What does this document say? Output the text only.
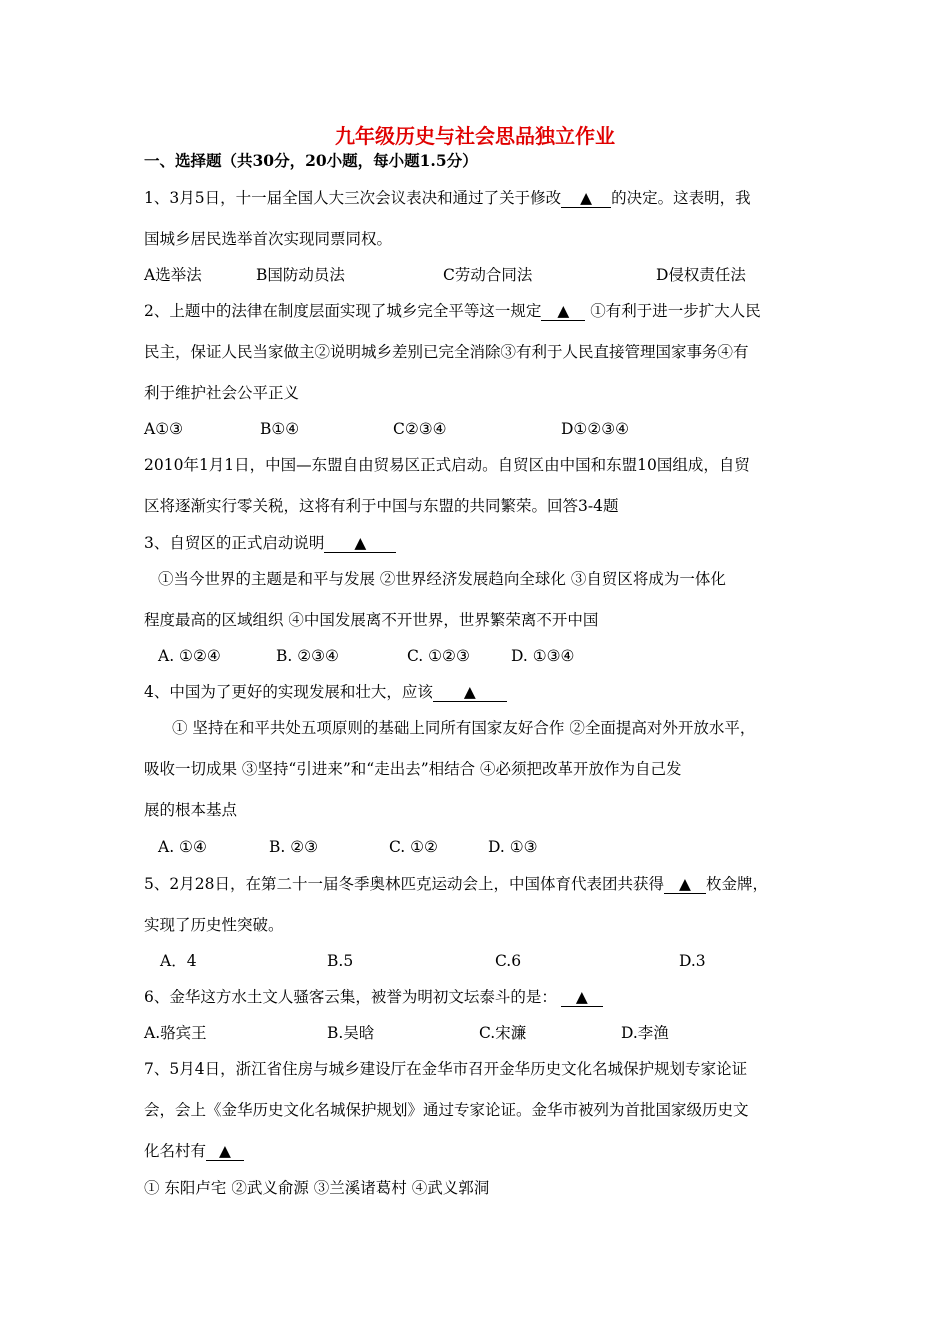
九年级历史与社会思品独立作业
一、选择题（共30分，20小题，每小题1.5分）
1、3月5日，十一届全国人大三次会议表决和通过了关于修改 ▲ 的决定。这表明，我
国城乡居民选举首次实现同票同权。
A选举法	B国防动员法	C劳动合同法	D侵权责任法
2、上题中的法律在制度层面实现了城乡完全平等这一规定 ▲ ①有利于进一步扩大人民
民主，保证人民当家做主②说明城乡差别已完全消除③有利于人民直接管理国家事务④有
利于维护社会公平正义
A①③	B①④	C②③④	D①②③④
2010年1月1日，中国—东盟自由贸易区正式启动。自贸区由中国和东盟10国组成，自贸
区将逐渐实行零关税，这将有利于中国与东盟的共同繁荣。回答3-4题
3、自贸区的正式启动说明 ▲
①当今世界的主题是和平与发展 ②世界经济发展趋向全球化 ③自贸区将成为一体化
程度最高的区域组织 ④中国发展离不开世界，世界繁荣离不开中国
A. ①②④	B. ②③④	C. ①②③	D. ①③④
4、中国为了更好的实现发展和壮大，应该 ▲
① 坚持在和平共处五项原则的基础上同所有国家友好合作 ②全面提高对外开放水平，
吸收一切成果 ③坚持“引进来”和“走出去”相结合 ④必须把改革开放作为自己发
展的根本基点
A. ①④	B. ②③	C. ①②	D. ①③
5、2月28日，在第二十一届冬季奥林匹克运动会上，中国体育代表团共获得 ▲ 枚金牌，
实现了历史性突破。
A．4	B.5	C.6	D.3
6、金华这方水土文人骚客云集，被誉为明初文坛泰斗的是： ▲
A.骆宾王	B.吴晗	C.宋濂	D.李渔
7、5月4日，浙江省住房与城乡建设厅在金华市召开金华历史文化名城保护规划专家论证
会，会上《金华历史文化名城保护规划》通过专家论证。金华市被列为首批国家级历史文
化名村有 ▲
① 东阳卢宅 ②武义俞源 ③兰溪诸葛村 ④武义郭洞
